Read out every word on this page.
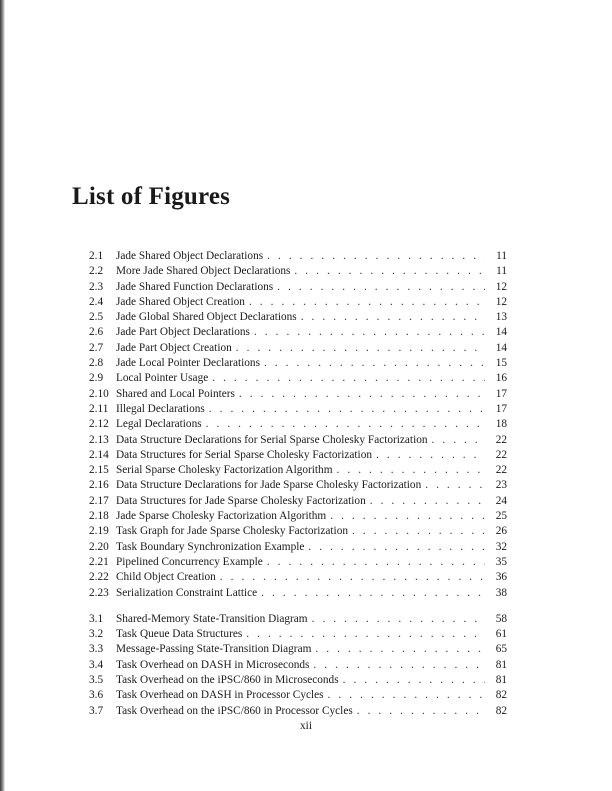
List of Figures
2.1	Jade Shared Object Declarations . . .	11
2.2	More Jade Shared Object Declarations . . .	11
2.3	Jade Shared Function Declarations . . .	12
2.4	Jade Shared Object Creation . . .	12
2.5	Jade Global Shared Object Declarations . . .	13
2.6	Jade Part Object Declarations . . .	14
2.7	Jade Part Object Creation . . .	14
2.8	Jade Local Pointer Declarations . . .	15
2.9	Local Pointer Usage . . .	16
2.10 Shared and Local Pointers . . .	17
2.11 Illegal Declarations . . .	17
2.12 Legal Declarations . . .	18
2.13 Data Structure Declarations for Serial Sparse Cholesky Factorization . . .	22
2.14 Data Structures for Serial Sparse Cholesky Factorization . . .	22
2.15 Serial Sparse Cholesky Factorization Algorithm . . .	22
2.16 Data Structure Declarations for Jade Sparse Cholesky Factorization . . .	23
2.17 Data Structures for Jade Sparse Cholesky Factorization . . .	24
2.18 Jade Sparse Cholesky Factorization Algorithm . . .	25
2.19 Task Graph for Jade Sparse Cholesky Factorization . . .	26
2.20 Task Boundary Synchronization Example . . .	32
2.21 Pipelined Concurrency Example . . .	35
2.22 Child Object Creation . . .	36
2.23 Serialization Constraint Lattice . . .	38
3.1	Shared-Memory State-Transition Diagram . . .	58
3.2	Task Queue Data Structures . . .	61
3.3	Message-Passing State-Transition Diagram . . .	65
3.4	Task Overhead on DASH in Microseconds . . .	81
3.5	Task Overhead on the iPSC/860 in Microseconds . . .	81
3.6	Task Overhead on DASH in Processor Cycles . . .	82
3.7	Task Overhead on the iPSC/860 in Processor Cycles . . .	82
xii
